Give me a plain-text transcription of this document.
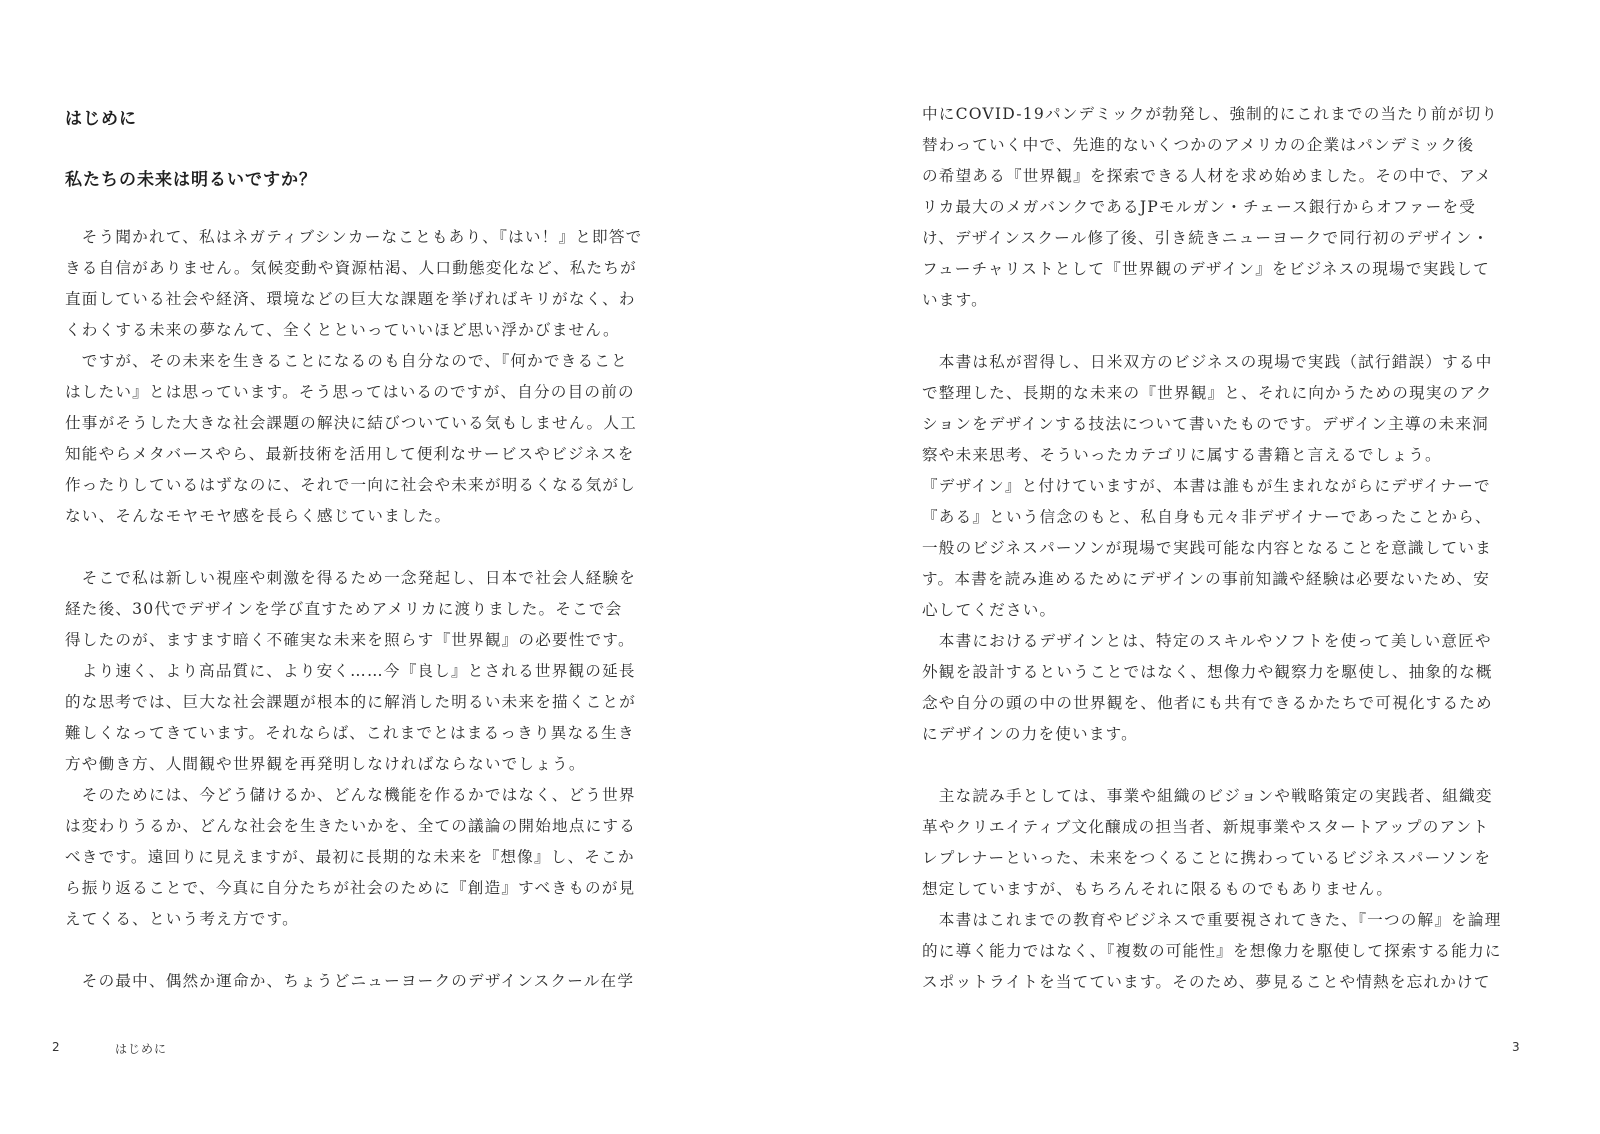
はじめに
私たちの未来は明るいですか？

　そう聞かれて、私はネガティブシンカーなこともあり、『はい！』と即答で

きる自信がありません。気候変動や資源枯渇、人口動態変化など、私たちが

直面している社会や経済、環境などの巨大な課題を挙げればキリがなく、わ

くわくする未来の夢なんて、全くとといっていいほど思い浮かびません。

　ですが、その未来を生きることになるのも自分なので、『何かできること

はしたい』とは思っています。そう思ってはいるのですが、自分の目の前の

仕事がそうした大きな社会課題の解決に結びついている気もしません。人工

知能やらメタバースやら、最新技術を活用して便利なサービスやビジネスを

作ったりしているはずなのに、それで一向に社会や未来が明るくなる気がし

ない、そんなモヤモヤ感を長らく感じていました。

　そこで私は新しい視座や刺激を得るため一念発起し、日本で社会人経験を

経た後、30代でデザインを学び直すためアメリカに渡りました。そこで会

得したのが、ますます暗く不確実な未来を照らす『世界観』の必要性です。

　より速く、より高品質に、より安く……今『良し』とされる世界観の延長

的な思考では、巨大な社会課題が根本的に解消した明るい未来を描くことが

難しくなってきています。それならば、これまでとはまるっきり異なる生き

方や働き方、人間観や世界観を再発明しなければならないでしょう。

　そのためには、今どう儲けるか、どんな機能を作るかではなく、どう世界

は変わりうるか、どんな社会を生きたいかを、全ての議論の開始地点にする

べきです。遠回りに見えますが、最初に長期的な未来を『想像』し、そこか

ら振り返ることで、今真に自分たちが社会のために『創造』すべきものが見

えてくる、という考え方です。

　その最中、偶然か運命か、ちょうどニューヨークのデザインスクール在学

2	はじめに

中にCOVID-19パンデミックが勃発し、強制的にこれまでの当たり前が切り

替わっていく中で、先進的ないくつかのアメリカの企業はパンデミック後

の希望ある『世界観』を探索できる人材を求め始めました。その中で、アメ

リカ最大のメガバンクであるJPモルガン・チェース銀行からオファーを受

け、デザインスクール修了後、引き続きニューヨークで同行初のデザイン・

フューチャリストとして『世界観のデザイン』をビジネスの現場で実践して

います。

　本書は私が習得し、日米双方のビジネスの現場で実践（試行錯誤）する中

で整理した、長期的な未来の『世界観』と、それに向かうための現実のアク

ションをデザインする技法について書いたものです。デザイン主導の未来洞

察や未来思考、そういったカテゴリに属する書籍と言えるでしょう。

『デザイン』と付けていますが、本書は誰もが生まれながらにデザイナーで

『ある』という信念のもと、私自身も元々非デザイナーであったことから、

一般のビジネスパーソンが現場で実践可能な内容となることを意識していま

す。本書を読み進めるためにデザインの事前知識や経験は必要ないため、安

心してください。

　本書におけるデザインとは、特定のスキルやソフトを使って美しい意匠や

外観を設計するということではなく、想像力や観察力を駆使し、抽象的な概

念や自分の頭の中の世界観を、他者にも共有できるかたちで可視化するため

にデザインの力を使います。

　主な読み手としては、事業や組織のビジョンや戦略策定の実践者、組織変

革やクリエイティブ文化醸成の担当者、新規事業やスタートアップのアント

レプレナーといった、未来をつくることに携わっているビジネスパーソンを

想定していますが、もちろんそれに限るものでもありません。

　本書はこれまでの教育やビジネスで重要視されてきた、『一つの解』を論理

的に導く能力ではなく、『複数の可能性』を想像力を駆使して探索する能力に

スポットライトを当てています。そのため、夢見ることや情熱を忘れかけて

3
